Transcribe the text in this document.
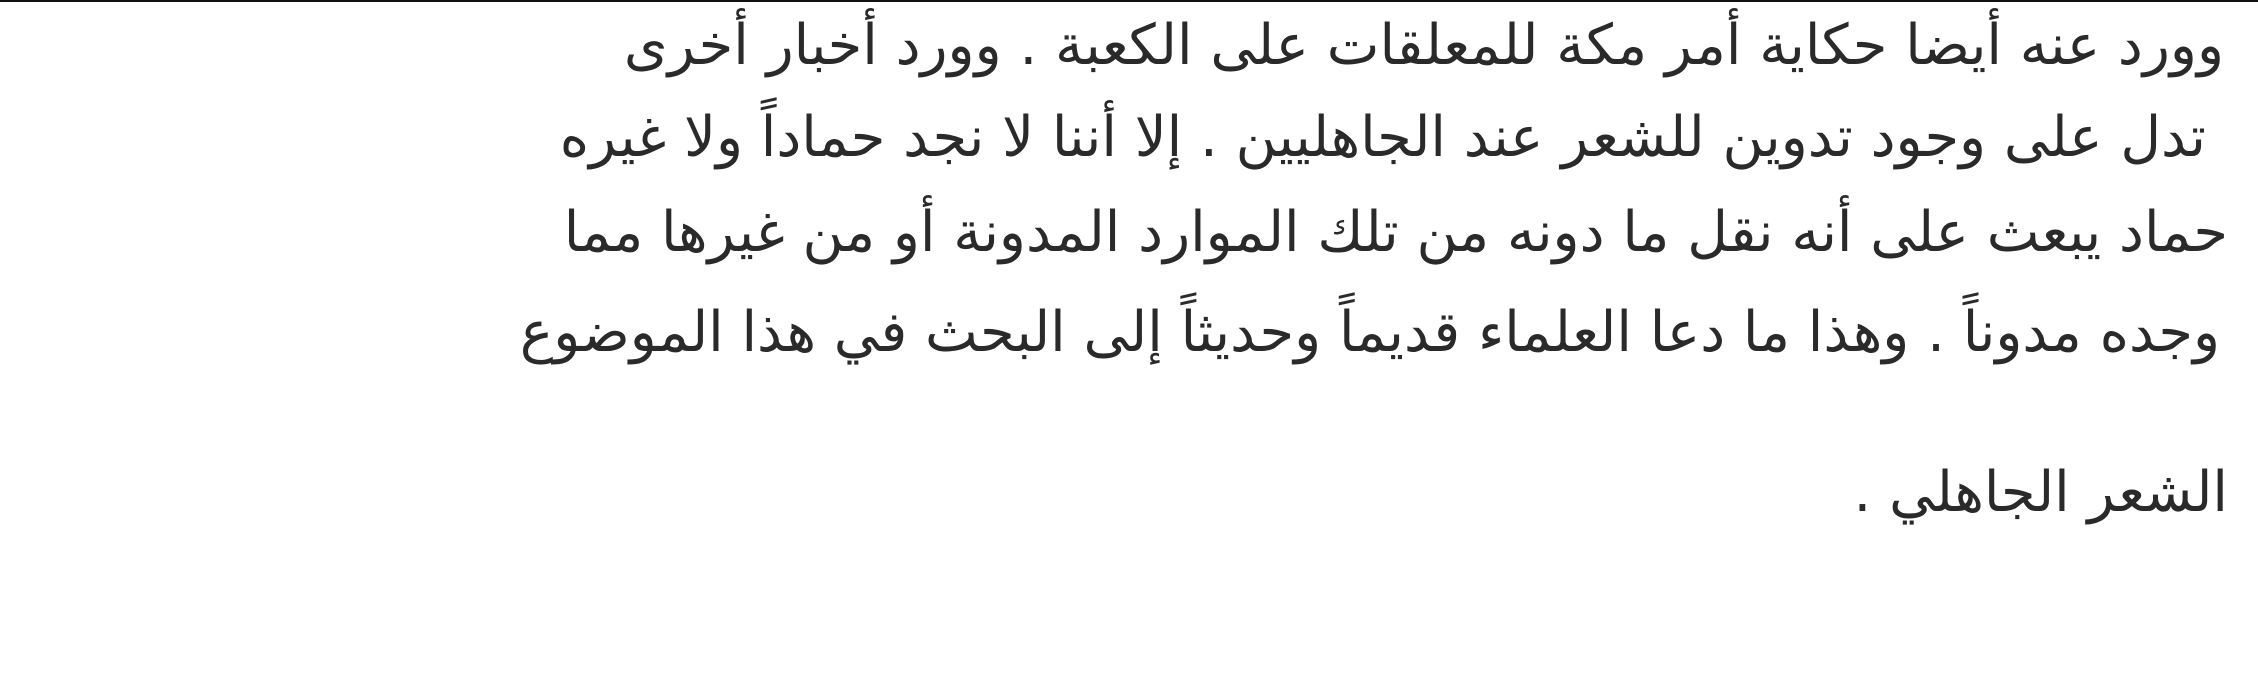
وورد عنه أيضا حكاية أمر مكة للمعلقات على الكعبة . وورد أخبار أخرى
تدل على وجود تدوين للشعر عند الجاهليين . إلا أننا لا نجد حماداً ولا غيره
حماد يبعث على أنه نقل ما دونه من تلك الموارد المدونة أو من غيرها مما
وجده مدوناً . وهذا ما دعا العلماء قديماً وحديثاً إلى البحث في هذا الموضوع
الشعر الجاهلي .
